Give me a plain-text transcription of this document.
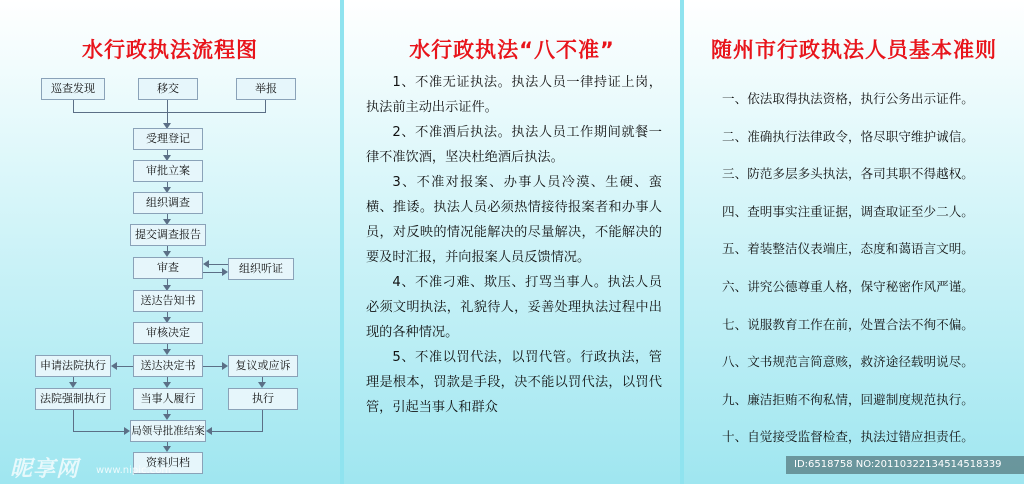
水行政执法流程图
巡查发现	移交	举报
受理登记
审批立案
组织调查
提交调查报告
审查	组织听证
送达告知书
审核决定
送达决定书
申请法院执行	复议或应诉
法院强制执行	当事人履行	执行
局领导批准结案
资料归档
水行政执法“八不准”

1、不准无证执法。执法人员一律持证上岗，执法前主动出示证件。

2、不准酒后执法。执法人员工作期间就餐一律不准饮酒，坚决杜绝酒后执法。

3、不准对报案、办事人员冷漠、生硬、蛮横、推诿。执法人员必须热情接待报案者和办事人员，对反映的情况能解决的尽量解决，不能解决的要及时汇报，并向报案人员反馈情况。

4、不准刁难、欺压、打骂当事人。执法人员必须文明执法，礼貌待人，妥善处理执法过程中出现的各种情况。

5、不准以罚代法，以罚代管。行政执法，管理是根本，罚款是手段，决不能以罚代法，以罚代管，引起当事人和群众

随州市行政执法人员基本准则
一、依法取得执法资格，执行公务出示证件。
二、准确执行法律政令，恪尽职守维护诚信。
三、防范多层多头执法，各司其职不得越权。
四、查明事实注重证据，调查取证至少二人。
五、着装整洁仪表端庄，态度和蔼语言文明。
六、讲究公德尊重人格，保守秘密作风严谨。
七、说服教育工作在前，处置合法不徇不偏。
八、文书规范言简意赅，救济途径载明说尽。
九、廉洁拒贿不徇私情，回避制度规范执行。
十、自觉接受监督检查，执法过错应担责任。
昵享网 www.nipic.com
ID:6518758 NO:20110322134514518339
